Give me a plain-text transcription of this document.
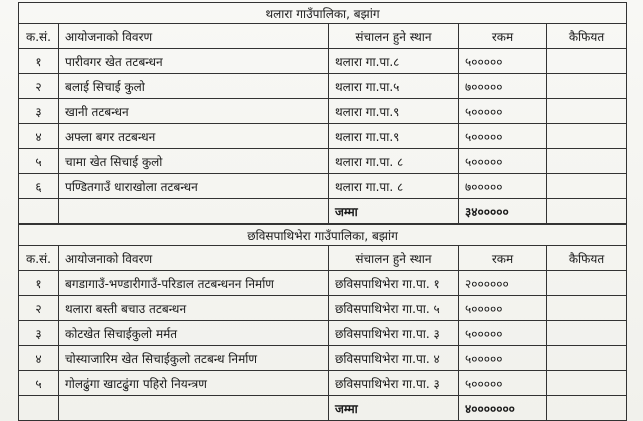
थलारा गाउँपालिका, बझांग				
क.सं.	आयोजनाको विवरण	संचालन हुने स्थान	रकम	कैफियत
१	पारीवगर खेत तटबन्धन	थलारा गा.पा.८	५०००००	
२	बलाई सिचाई कुलो	थलारा गा.पा.५	७०००००	
३	खानी तटबन्धन	थलारा गा.पा.९	५०००००	
४	अफ्ला बगर तटबन्धन	थलारा गा.पा.९	५०००००	
५	चामा खेत सिचाई कुलो	थलारा गा.पा. ८	५०००००	
६	पण्डितगाउँ धाराखोला तटबन्धन	थलारा गा.पा. ८	७०००००	
		जम्मा	३४०००००	
छविसपाथिभेरा गाउँपालिका, बझांग				
क.सं.	आयोजनाको विवरण	संचालन हुने स्थान	रकम	कैफियत
१	बगडागाउँ-भण्डारीगाउँ-परिडाल तटबन्धनन निर्माण	छविसपाथिभेरा गा.पा. १	२००००००	
२	थलारा बस्ती बचाउ तटबन्धन	छविसपाथिभेरा गा.पा. ५	५०००००	
३	कोटखेत सिचाईकुलो मर्मत	छविसपाथिभेरा गा.पा. ३	५०००००	
४	चोस्याजारिम खेत सिचाईकुलो तटबन्ध निर्माण	छविसपाथिभेरा गा.पा. ४	५०००००	
५	गोलढुंगा खाटढुंगा पहिरो नियन्त्रण	छविसपाथिभेरा गा.पा. ३	५०००००	
		जम्मा	४०००००००	
